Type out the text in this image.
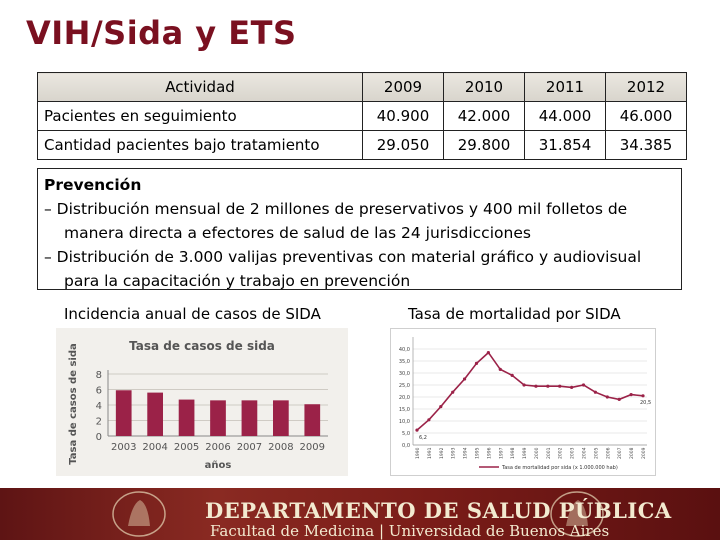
VIH/Sida y ETS
Actividad	2009	2010	2011	2012
Pacientes en seguimiento	40.900	42.000	44.000	46.000
Cantidad pacientes bajo tratamiento	29.050	29.800	31.854	34.385
Prevención
– Distribución mensual de 2 millones de preservativos y 400 mil folletos de manera directa a efectores de salud de las 24 jurisdicciones
– Distribución de 3.000 valijas preventivas con material gráfico y audiovisual para la capacitación y trabajo en prevención
Incidencia anual de casos de SIDA	Tasa de mortalidad por SIDA
Tasa de casos de sida
0
2
4
6
8
2003 2004 2005 2006 2007 2008 2009
años
Tasa de casos de sida	0,0
5,0
10,0
15,0
20,0
25,0
30,0
35,0
40,0
1990 1991 1992 1993 1994 1995 1996 1997 1998 1999 2000 2001 2002 2003 2004 2005 2006 2007 2008 2009
6,2
20,5
Tasa de mortalidad por sida (x 1.000.000 hab)
DEPARTAMENTO DE SALUD PÚBLICA
Facultad de Medicina | Universidad de Buenos Aires
